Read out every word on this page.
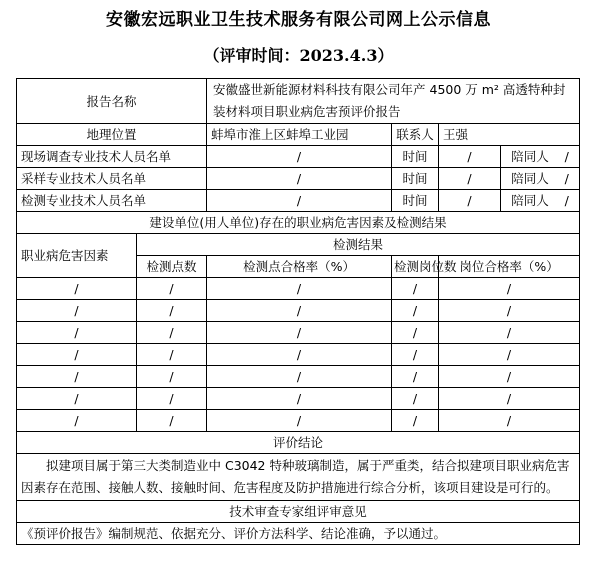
安徽宏远职业卫生技术服务有限公司网上公示信息
（评审时间：2023.4.3）
报告名称		安徽盛世新能源材料科技有限公司年产 4500 万 m² 高透特种封装材料项目职业病危害预评价报告			
地理位置		蚌埠市淮上区蚌埠工业园	联系人	王强	
现场调查专业技术人员名单		/	时间	/	陪同人 /
采样专业技术人员名单		/	时间	/	陪同人 /
检测专业技术人员名单		/	时间	/	陪同人 /
建设单位(用人单位)存在的职业病危害因素及检测结果					
职业病危害因素	检测结果				
	检测点数	检测点合格率（%）	检测岗位数	岗位合格率（%）	
/	/	/	/	/	
/	/	/	/	/	
/	/	/	/	/	
/	/	/	/	/	
/	/	/	/	/	
/	/	/	/	/	
/	/	/	/	/	
评价结论					
拟建项目属于第三大类制造业中 C3042 特种玻璃制造，属于严重类，结合拟建项目职业病危害因素存在范围、接触人数、接触时间、危害程度及防护措施进行综合分析，该项目建设是可行的。					
技术审查专家组评审意见					
《预评价报告》编制规范、依据充分、评价方法科学、结论准确，予以通过。					
